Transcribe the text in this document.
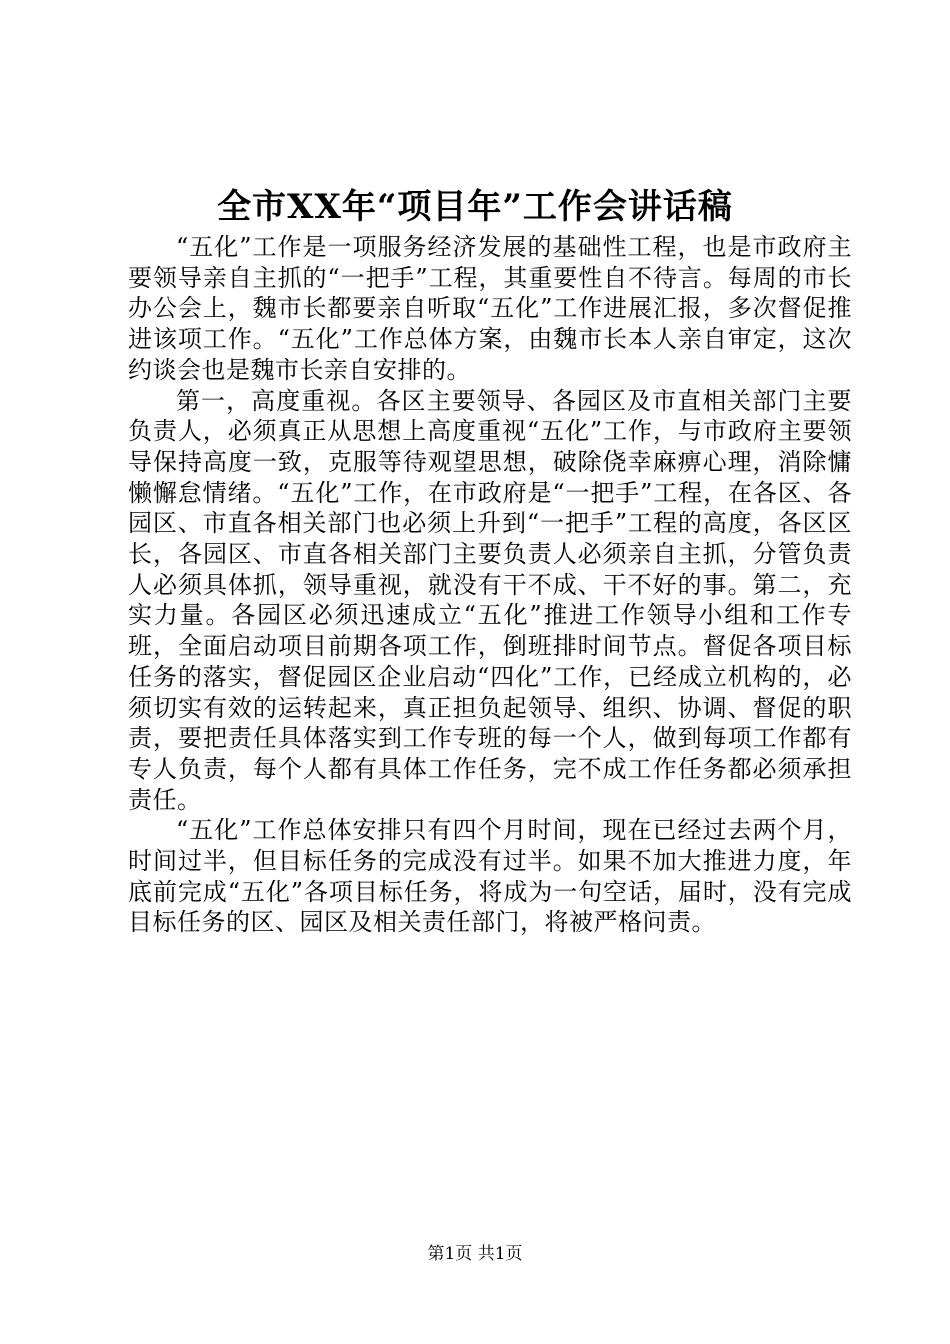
全市XX年“项目年”工作会讲话稿

“五化”工作是一项服务经济发展的基础性工程，也是市政府主要领导亲自主抓的“一把手”工程，其重要性自不待言。每周的市长办公会上，魏市长都要亲自听取“五化”工作进展汇报，多次督促推进该项工作。“五化”工作总体方案，由魏市长本人亲自审定，这次约谈会也是魏市长亲自安排的。

第一，高度重视。各区主要领导、各园区及市直相关部门主要负责人，必须真正从思想上高度重视“五化”工作，与市政府主要领导保持高度一致，克服等待观望思想，破除侥幸麻痹心理，消除慵懒懈怠情绪。“五化”工作，在市政府是“一把手”工程，在各区、各园区、市直各相关部门也必须上升到“一把手”工程的高度，各区区长，各园区、市直各相关部门主要负责人必须亲自主抓，分管负责人必须具体抓，领导重视，就没有干不成、干不好的事。第二，充实力量。各园区必须迅速成立“五化”推进工作领导小组和工作专班，全面启动项目前期各项工作，倒班排时间节点。督促各项目标任务的落实，督促园区企业启动“四化”工作，已经成立机构的，必须切实有效的运转起来，真正担负起领导、组织、协调、督促的职责，要把责任具体落实到工作专班的每一个人，做到每项工作都有专人负责，每个人都有具体工作任务，完不成工作任务都必须承担责任。

“五化”工作总体安排只有四个月时间，现在已经过去两个月，时间过半，但目标任务的完成没有过半。如果不加大推进力度，年底前完成“五化”各项目标任务，将成为一句空话，届时，没有完成目标任务的区、园区及相关责任部门，将被严格问责。

第1页 共1页
